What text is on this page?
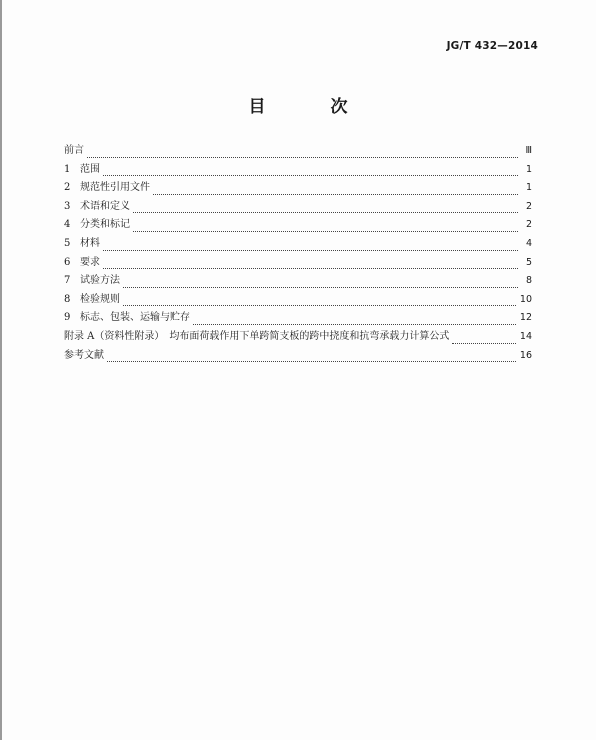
JG/T 432—2014
目　次
前言	Ⅲ
1 范围	1
2 规范性引用文件	1
3 术语和定义	2
4 分类和标记	2
5 材料	4
6 要求	5
7 试验方法	8
8 检验规则	10
9 标志、包装、运输与贮存	12
附录 A（资料性附录）　均布面荷载作用下单跨简支板的跨中挠度和抗弯承载力计算公式	14
参考文献	16
